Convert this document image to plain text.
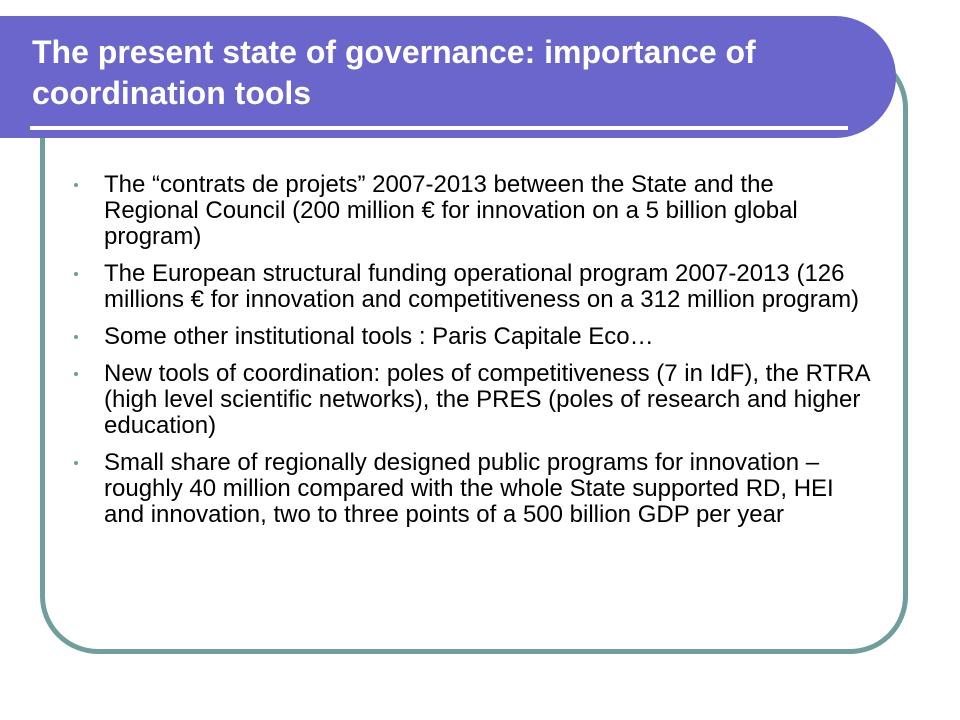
The present state of governance: importance of coordination tools
The “contrats de projets” 2007-2013 between the State and the Regional Council (200 million € for innovation on a 5 billion global program)
The European structural funding operational program 2007-2013 (126 millions € for innovation and competitiveness on a 312 million program)
Some other institutional tools : Paris Capitale Eco…
New tools of coordination: poles of competitiveness (7 in IdF), the RTRA (high level scientific networks), the PRES (poles of research and higher education)
Small share of regionally designed public programs for innovation –roughly 40 million compared with the whole State supported RD, HEI and innovation, two to three points of a 500 billion GDP per year
